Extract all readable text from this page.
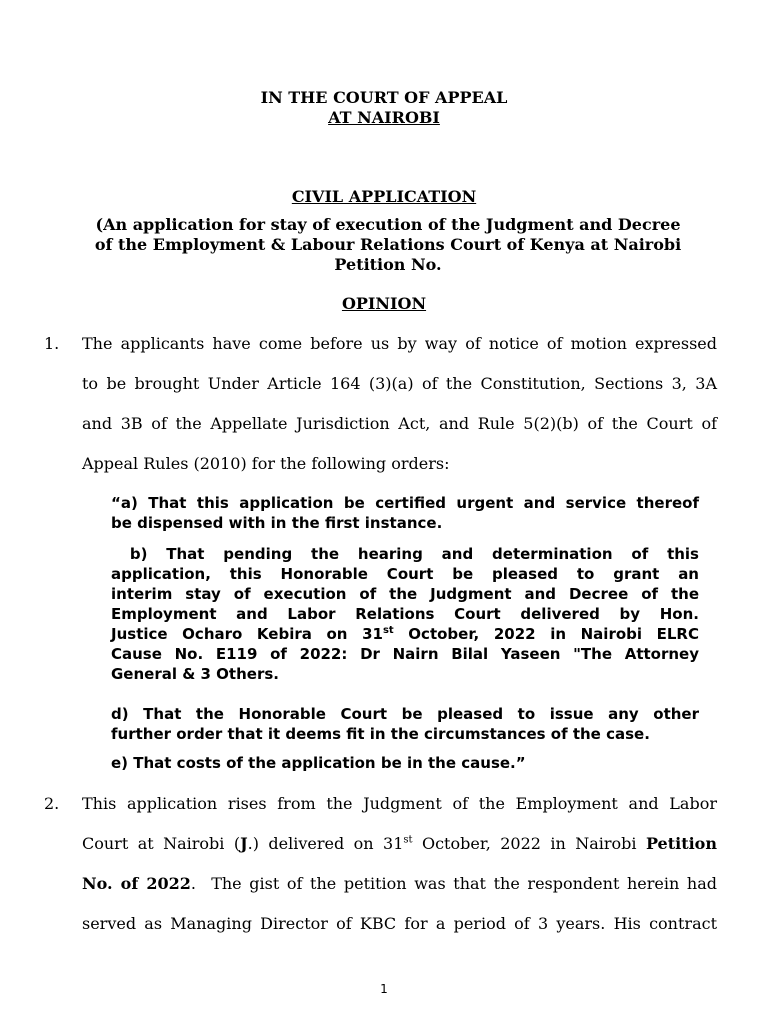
IN THE COURT OF APPEAL
AT NAIROBI
CIVIL APPLICATION
(An application for stay of execution of the Judgment and Decree
of the Employment & Labour Relations Court of Kenya at Nairobi
Petition No.
OPINION
1. The applicants have come before us by way of notice of motion expressed
to be brought Under Article 164 (3)(a) of the Constitution, Sections 3, 3A
and 3B of the Appellate Jurisdiction Act, and Rule 5(2)(b) of the Court of
Appeal Rules (2010) for the following orders:
“a) That this application be certified urgent and service thereof
be dispensed with in the first instance.
b) That pending the hearing and determination of this
application, this Honorable Court be pleased to grant an
interim stay of execution of the Judgment and Decree of the
Employment and Labor Relations Court delivered by Hon.
Justice Ocharo Kebira on 31st October, 2022 in Nairobi ELRC
Cause No. E119 of 2022: Dr Nairn Bilal Yaseen "The Attorney
General & 3 Others.
d) That the Honorable Court be pleased to issue any other
further order that it deems fit in the circumstances of the case.
e) That costs of the application be in the cause.”
2. This application rises from the Judgment of the Employment and Labor
Court at Nairobi (J.) delivered on 31st October, 2022 in Nairobi Petition
No. of 2022.  The gist of the petition was that the respondent herein had
served as Managing Director of KBC for a period of 3 years. His contract
1
